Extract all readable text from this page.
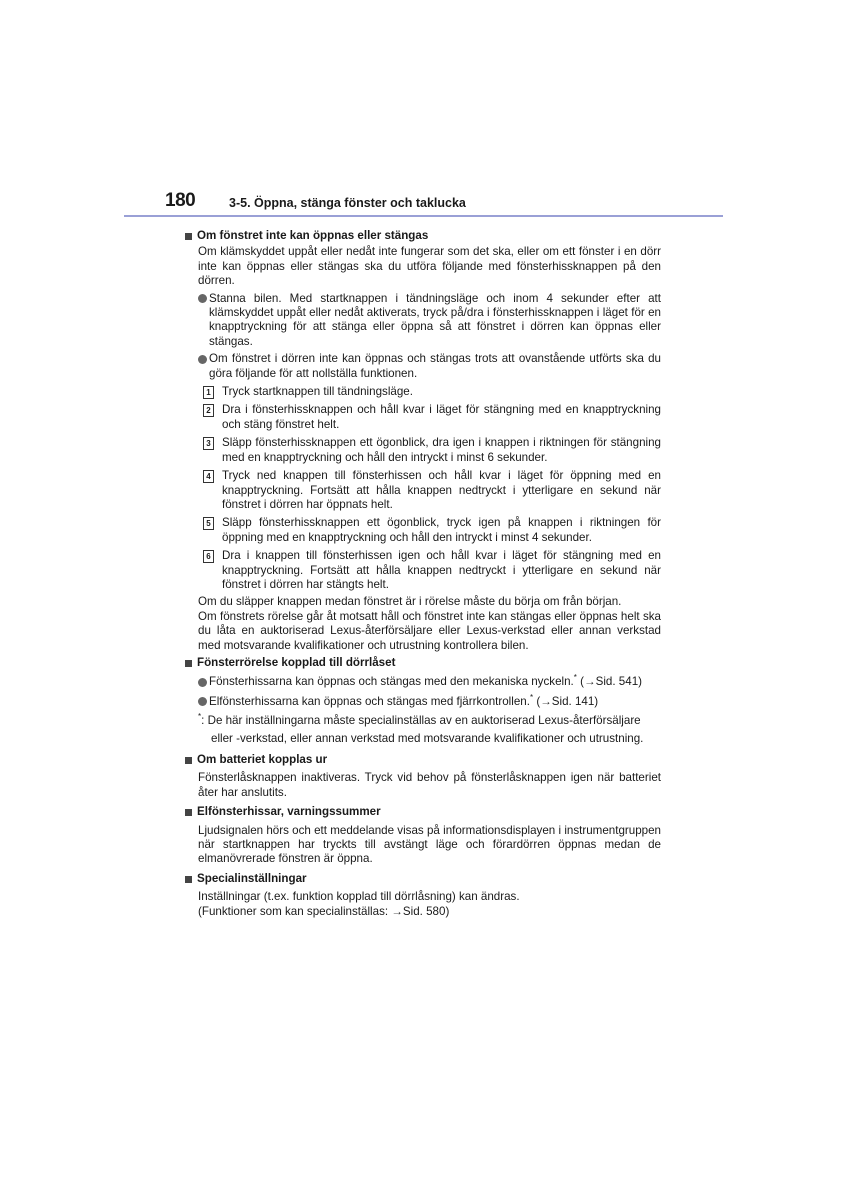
180	3-5. Öppna, stänga fönster och taklucka
Om fönstret inte kan öppnas eller stängas
Om klämskyddet uppåt eller nedåt inte fungerar som det ska, eller om ett fönster i en dörr inte kan öppnas eller stängas ska du utföra följande med fönsterhissknappen på den dörren.
Stanna bilen. Med startknappen i tändningsläge och inom 4 sekunder efter att klämskyddet uppåt eller nedåt aktiverats, tryck på/dra i fönsterhissknappen i läget för en knapptryckning för att stänga eller öppna så att fönstret i dörren kan öppnas eller stängas.
Om fönstret i dörren inte kan öppnas och stängas trots att ovanstående utförts ska du göra följande för att nollställa funktionen.
1 Tryck startknappen till tändningsläge.
2 Dra i fönsterhissknappen och håll kvar i läget för stängning med en knapptryckning och stäng fönstret helt.
3 Släpp fönsterhissknappen ett ögonblick, dra igen i knappen i riktningen för stängning med en knapptryckning och håll den intryckt i minst 6 sekunder.
4 Tryck ned knappen till fönsterhissen och håll kvar i läget för öppning med en knapptryckning. Fortsätt att hålla knappen nedtryckt i ytterligare en sekund när fönstret i dörren har öppnats helt.
5 Släpp fönsterhissknappen ett ögonblick, tryck igen på knappen i riktningen för öppning med en knapptryckning och håll den intryckt i minst 4 sekunder.
6 Dra i knappen till fönsterhissen igen och håll kvar i läget för stängning med en knapptryckning. Fortsätt att hålla knappen nedtryckt i ytterligare en sekund när fönstret i dörren har stängts helt.
Om du släpper knappen medan fönstret är i rörelse måste du börja om från början.
Om fönstrets rörelse går åt motsatt håll och fönstret inte kan stängas eller öppnas helt ska du låta en auktoriserad Lexus-återförsäljare eller Lexus-verkstad eller annan verkstad med motsvarande kvalifikationer och utrustning kontrollera bilen.
Fönsterrörelse kopplad till dörrlåset
Fönsterhissarna kan öppnas och stängas med den mekaniska nyckeln.* (→Sid. 541)
Elfönsterhissarna kan öppnas och stängas med fjärrkontrollen.* (→Sid. 141)
*: De här inställningarna måste specialinställas av en auktoriserad Lexus-återförsäljare
eller -verkstad, eller annan verkstad med motsvarande kvalifikationer och utrustning.
Om batteriet kopplas ur
Fönsterlåsknappen inaktiveras. Tryck vid behov på fönsterlåsknappen igen när batteriet åter har anslutits.
Elfönsterhissar, varningssummer
Ljudsignalen hörs och ett meddelande visas på informationsdisplayen i instrumentgruppen när startknappen har tryckts till avstängt läge och förardörren öppnas medan de elmanövrerade fönstren är öppna.
Specialinställningar
Inställningar (t.ex. funktion kopplad till dörrlåsning) kan ändras.
(Funktioner som kan specialinställas: →Sid. 580)
